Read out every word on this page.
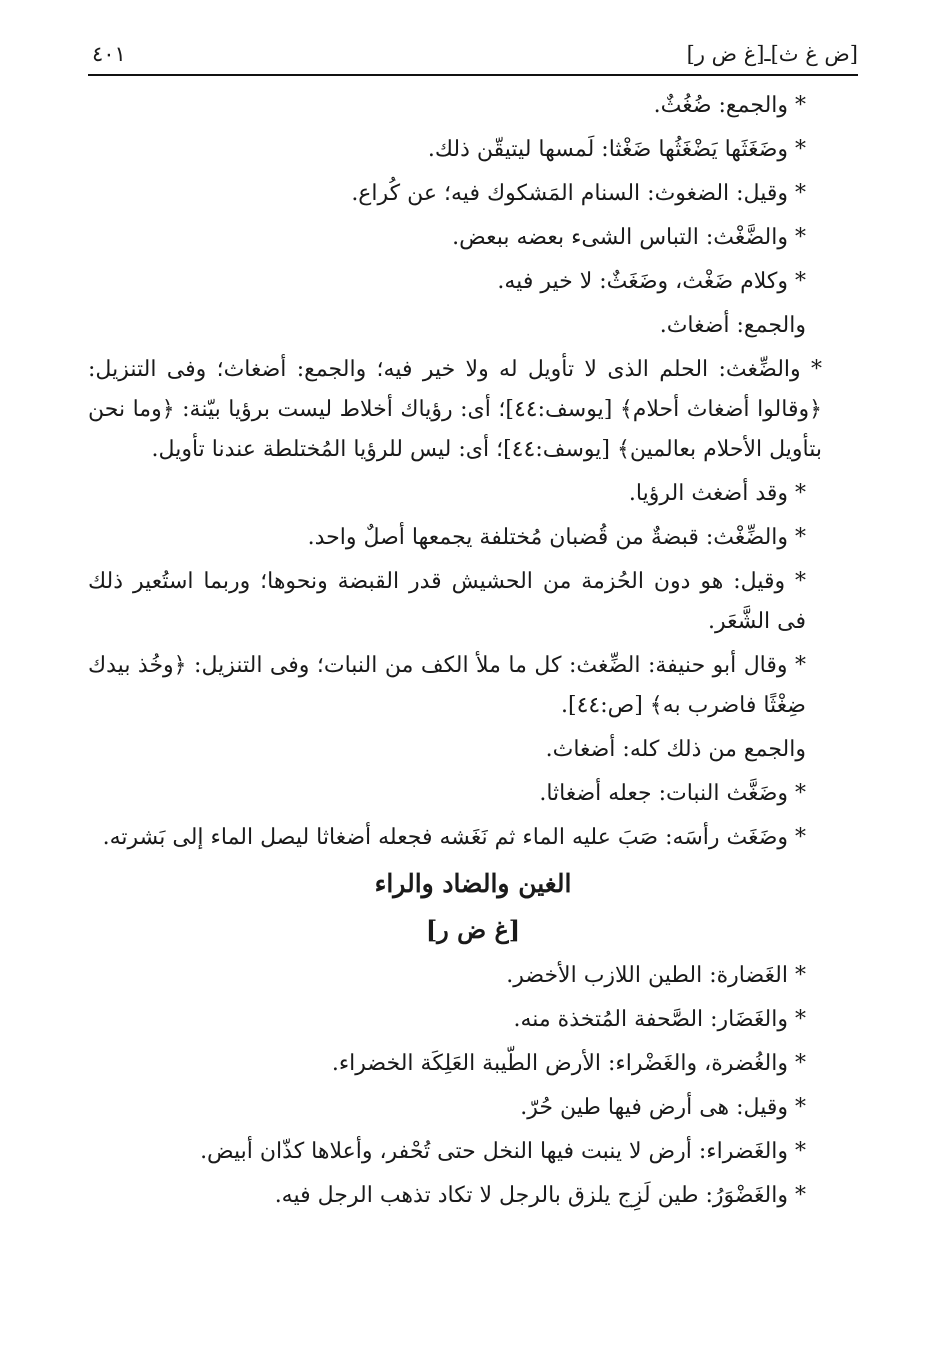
[ض غ ث]ـ[غ ض ر]
٤٠١

* والجمع: ضُغُثٌ.

* وضَغَثَها يَضْغَثُها ضَغْثا: لَمسها ليتيقّن ذلك.

* وقيل: الضغوث: السنام المَشكوك فيه؛ عن كُراع.

* والضَّغْث: التباس الشىء بعضه ببعض.

* وكلام ضَغْث، وضَغَثٌ: لا خير فيه.

والجمع: أضغاث.

* والضِّغث: الحلم الذى لا تأويل له ولا خير فيه؛ والجمع: أضغاث؛ وفى التنزيل: ﴿وقالوا أضغاث أحلام﴾ [يوسف:٤٤]؛ أى: رؤياك أخلاط ليست برؤيا بيّنة: ﴿وما نحن بتأويل الأحلام بعالمين﴾ [يوسف:٤٤]؛ أى: ليس للرؤيا المُختلطة عندنا تأويل.

* وقد أضغث الرؤيا.

* والضِّغْث: قبضةٌ من قُضبان مُختلفة يجمعها أصلٌ واحد.

* وقيل: هو دون الحُزمة من الحشيش قدر القبضة ونحوها؛ وربما استُعير ذلك فى الشَّعَر.

* وقال أبو حنيفة: الضِّغث: كل ما ملأ الكف من النبات؛ وفى التنزيل: ﴿وخُذ بيدك ضِغْثًا فاضرب به﴾ [ص:٤٤].

والجمع من ذلك كله: أضغاث.

* وضَغَّث النبات: جعله أضغاثا.

* وضَغَث رأسَه: صَبَ عليه الماء ثم نَغَشه فجعله أضغاثا ليصل الماء إلى بَشرته.

الغين والضاد والراء
[غ ض ر]

* الغَضارة: الطين اللازب الأخضر.

* والغَضَار: الصَّحفة المُتخذة منه.

* والغُضرة، والغَضْراء: الأرض الطّيبة العَلِكَة الخضراء.

* وقيل: هى أرض فيها طين حُرّ.

* والغَضراء: أرض لا ينبت فيها النخل حتى تُحْفر، وأعلاها كذّان أبيض.

* والغَضْوَرُ: طين لَزِج يلزق بالرجل لا تكاد تذهب الرجل فيه.
